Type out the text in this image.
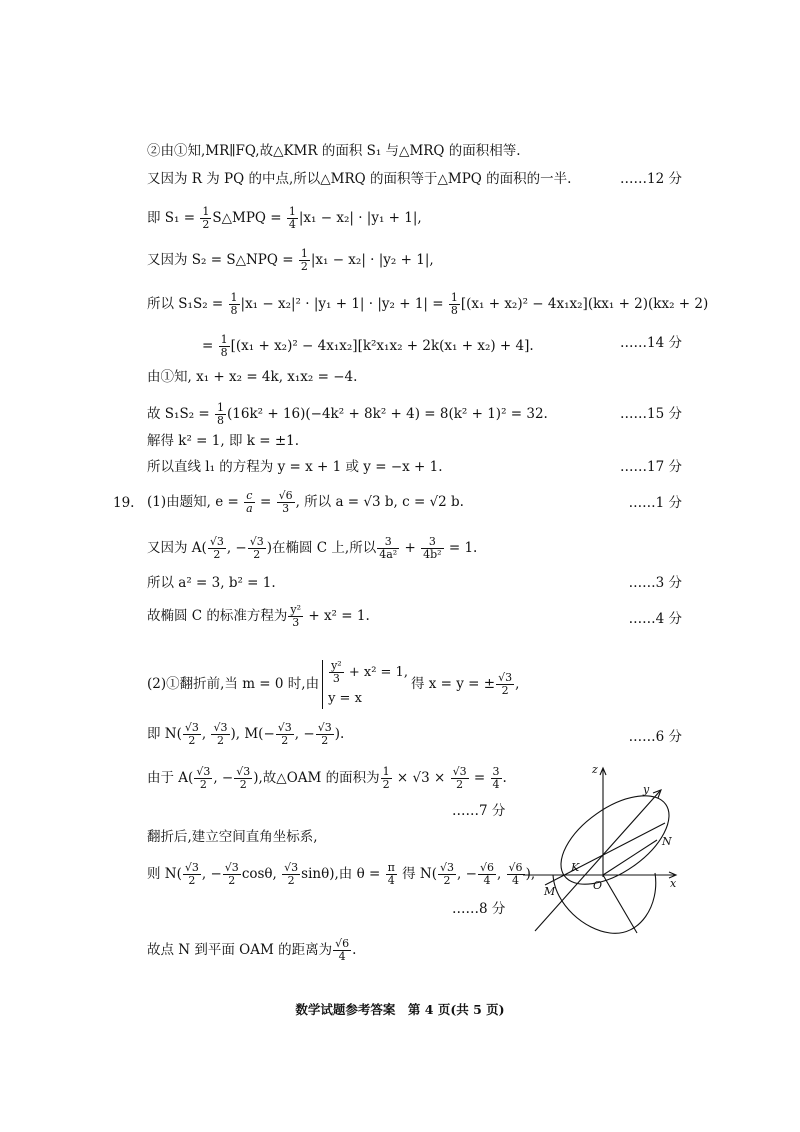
②由①知,MR∥FQ,故△KMR 的面积 S₁ 与△MRQ 的面积相等.
又因为 R 为 PQ 的中点,所以△MRQ 的面积等于△MPQ 的面积的一半.	……12 分
即 $S_1 = \frac{1}{2}$ S△MPQ = $\frac{1}{4} |x_1 - x_2| \cdot |y_1 + 1|$,
又因为 S₂ = S△NPQ = $\frac{1}{2} |x_1 - x_2| \cdot |y_2 + 1|$,
所以 $S_1S_2 = \frac{1}{8} |x_1 - x_2|^2 \cdot |y_1 + 1| \cdot |y_2 + 1| = \frac{1}{8} [(x_1 + x_2)^2 - 4x_1x_2](kx_1 + 2)(kx_2 + 2)$
= $\frac{1}{8} [(x_1 + x_2)^2 - 4x_1x_2][k^2x_1x_2 + 2k(x_1 + x_2) + 4]$.	……14 分
由①知, x₁ + x₂ = 4k, x₁x₂ = −4.
故 $S_1S_2 = \frac{1}{8} (16k^2 + 16)(-4k^2 + 8k^2 + 4) = 8(k^2 + 1)^2 = 32$.	……15 分
解得 k² = 1, 即 k = ±1.
所以直线 l₁ 的方程为 y = x + 1 或 y = −x + 1.	……17 分
19. (1)由题知, $e = \frac{c}{a} = \frac{√6}{3}$ , 所以 a = √3 b, c = √2 b.	……1 分
又因为 $A( \frac{√3}{2}$ , − $\frac{√3}{2}$ )在椭圆 C 上,所以 $\frac{3}{\text{4a²}} + \frac{3}{\text{4b²}} = 1$.
所以 a² = 3, b² = 1.	……3 分
故椭圆 C 的标准方程为 $\frac{\text{y²}}{3} + x^2 = 1$.	……4 分
(2)①翻折前,当 m = 0 时,由 $\frac{\text{y²}}{3} + x^2 = 1$,
y = x
得 x = y = ± $\frac{√3}{2}$ ,
即 $N( \frac{√3}{2}$ , $\frac{√3}{2}$ ), $M(- \frac{√3}{2}$ , − $\frac{√3}{2}$ ).	……6 分
由于 $A( \frac{√3}{2}$ , − $\frac{√3}{2}$ ),故△OAM 的面积为 $\frac{1}{2} \times √3 \times \frac{√3}{2} = \frac{3}{4}$ .
……7 分
翻折后,建立空间直角坐标系,
则 $N( \frac{√3}{2}$ , − $\frac{√3}{2} \cos\theta$, $\frac{√3}{2} \sin\theta$),由 $\theta = \frac{\pi}{4}$ 得 $N( \frac{√3}{2}$ , − $\frac{√6}{4}$ , $\frac{√6}{4}$ ),
……8 分
故点 N 到平面 OAM 的距离为 $\frac{√6}{4}$ .
z
y
x
N
K
O
M
数学试题参考答案　第 4 页(共 5 页)
